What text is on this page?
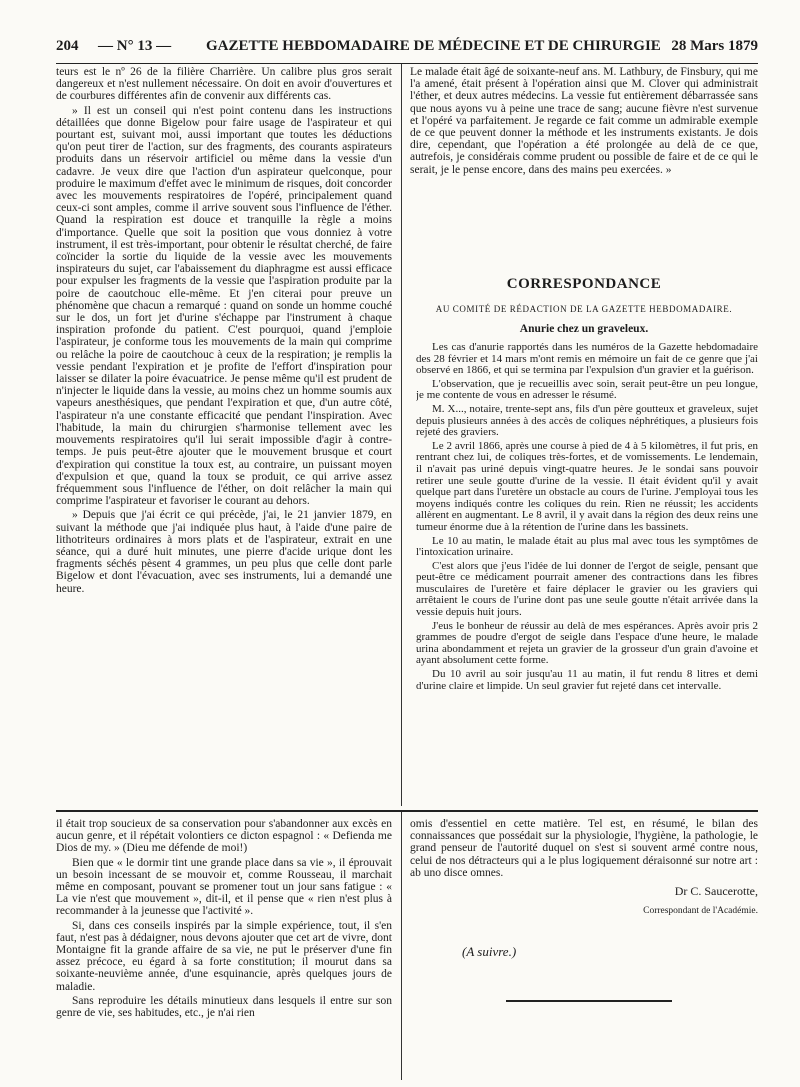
204 — N° 13 — GAZETTE HEBDOMADAIRE DE MÉDECINE ET DE CHIRURGIE 28 Mars 1879

teurs est le nº 26 de la filière Charrière. Un calibre plus gros serait dangereux et n'est nullement nécessaire. On doit en avoir d'ouvertures et de courbures différentes afin de convenir aux différents cas.

» Il est un conseil qui n'est point contenu dans les instructions détaillées que donne Bigelow pour faire usage de l'aspirateur et qui pourtant est, suivant moi, aussi important que toutes les déductions qu'on peut tirer de l'action, sur des fragments, des courants aspirateurs produits dans un réservoir artificiel ou même dans la vessie d'un cadavre. Je veux dire que l'action d'un aspirateur quelconque, pour produire le maximum d'effet avec le minimum de risques, doit concorder avec les mouvements respiratoires de l'opéré, principalement quand ceux-ci sont amples, comme il arrive souvent sous l'influence de l'éther. Quand la respiration est douce et tranquille la règle a moins d'importance. Quelle que soit la position que vous donniez à votre instrument, il est très-important, pour obtenir le résultat cherché, de faire coïncider la sortie du liquide de la vessie avec les mouvements inspirateurs du sujet, car l'abaissement du diaphragme est aussi efficace pour expulser les fragments de la vessie que l'aspiration produite par la poire de caoutchouc elle-même. Et j'en citerai pour preuve un phénomène que chacun a remarqué : quand on sonde un homme couché sur le dos, un fort jet d'urine s'échappe par l'instrument à chaque inspiration profonde du patient. C'est pourquoi, quand j'emploie l'aspirateur, je conforme tous les mouvements de la main qui comprime ou relâche la poire de caoutchouc à ceux de la respiration; je remplis la vessie pendant l'expiration et je profite de l'effort d'inspiration pour laisser se dilater la poire évacuatrice. Je pense même qu'il est prudent de n'injecter le liquide dans la vessie, au moins chez un homme soumis aux vapeurs anesthésiques, que pendant l'expiration et que, d'un autre côté, l'aspirateur n'a une constante efficacité que pendant l'inspiration. Avec l'habitude, la main du chirurgien s'harmonise tellement avec les mouvements respiratoires qu'il lui serait impossible d'agir à contre-temps. Je puis peut-être ajouter que le mouvement brusque et court d'expiration qui constitue la toux est, au contraire, un puissant moyen d'expulsion et que, quand la toux se produit, ce qui arrive assez fréquemment sous l'influence de l'éther, on doit relâcher la main qui comprime l'aspirateur et favoriser le courant au dehors.

» Depuis que j'ai écrit ce qui précède, j'ai, le 21 janvier 1879, en suivant la méthode que j'ai indiquée plus haut, à l'aide d'une paire de lithotriteurs ordinaires à mors plats et de l'aspirateur, extrait en une séance, qui a duré huit minutes, une pierre d'acide urique dont les fragments séchés pèsent 4 grammes, un peu plus que celle dont parle Bigelow et dont l'évacuation, avec ses instruments, lui a demandé une heure.

Le malade était âgé de soixante-neuf ans. M. Lathbury, de Finsbury, qui me l'a amené, était présent à l'opération ainsi que M. Clover qui administrait l'éther, et deux autres médecins. La vessie fut entièrement débarrassée sans que nous ayons vu à peine une trace de sang; aucune fièvre n'est survenue et l'opéré va parfaitement. Je regarde ce fait comme un admirable exemple de ce que peuvent donner la méthode et les instruments existants. Je dois dire, cependant, que l'opération a été prolongée au delà de ce que, autrefois, je considérais comme prudent ou possible de faire et de ce qui le serait, je le pense encore, dans des mains peu exercées. »

CORRESPONDANCE
AU COMITÉ DE RÉDACTION DE LA GAZETTE HEBDOMADAIRE.
Anurie chez un graveleux.

Les cas d'anurie rapportés dans les numéros de la Gazette hebdomadaire des 28 février et 14 mars m'ont remis en mémoire un fait de ce genre que j'ai observé en 1866, et qui se termina par l'expulsion d'un gravier et la guérison.

L'observation, que je recueillis avec soin, serait peut-être un peu longue, je me contente de vous en adresser le résumé.

M. X..., notaire, trente-sept ans, fils d'un père goutteux et graveleux, sujet depuis plusieurs années à des accès de coliques néphrétiques, a plusieurs fois rejeté des graviers.

Le 2 avril 1866, après une course à pied de 4 à 5 kilomètres, il fut pris, en rentrant chez lui, de coliques très-fortes, et de vomissements. Le lendemain, il n'avait pas uriné depuis vingt-quatre heures. Je le sondai sans pouvoir retirer une seule goutte d'urine de la vessie. Il était évident qu'il y avait quelque part dans l'uretère un obstacle au cours de l'urine. J'employai tous les moyens indiqués contre les coliques du rein. Rien ne réussit; les accidents allèrent en augmentant. Le 8 avril, il y avait dans la région des deux reins une tumeur énorme due à la rétention de l'urine dans les bassinets.

Le 10 au matin, le malade était au plus mal avec tous les symptômes de l'intoxication urinaire.

C'est alors que j'eus l'idée de lui donner de l'ergot de seigle, pensant que peut-être ce médicament pourrait amener des contractions dans les fibres musculaires de l'uretère et faire déplacer le gravier ou les graviers qui arrêtaient le cours de l'urine dont pas une seule goutte n'était arrivée dans la vessie depuis huit jours.

J'eus le bonheur de réussir au delà de mes espérances. Après avoir pris 2 grammes de poudre d'ergot de seigle dans l'espace d'une heure, le malade urina abondamment et rejeta un gravier de la grosseur d'un grain d'avoine et ayant absolument cette forme.

Du 10 avril au soir jusqu'au 11 au matin, il fut rendu 8 litres et demi d'urine claire et limpide. Un seul gravier fut rejeté dans cet intervalle.

il était trop soucieux de sa conservation pour s'abandonner aux excès en aucun genre, et il répétait volontiers ce dicton espagnol : « Defienda me Dios de my. » (Dieu me défende de moi!)

Bien que « le dormir tint une grande place dans sa vie », il éprouvait un besoin incessant de se mouvoir et, comme Rousseau, il marchait même en composant, pouvant se promener tout un jour sans fatigue : « La vie n'est que mouvement », dit-il, et il pense que « rien n'est plus à recommander à la jeunesse que l'activité ».

Si, dans ces conseils inspirés par la simple expérience, tout, il s'en faut, n'est pas à dédaigner, nous devons ajouter que cet art de vivre, dont Montaigne fit la grande affaire de sa vie, ne put le préserver d'une fin assez précoce, eu égard à sa forte constitution; il mourut dans sa soixante-neuvième année, d'une esquinancie, après quelques jours de maladie.

Sans reproduire les détails minutieux dans lesquels il entre sur son genre de vie, ses habitudes, etc., je n'ai rien

omis d'essentiel en cette matière. Tel est, en résumé, le bilan des connaissances que possédait sur la physiologie, l'hygiène, la pathologie, le grand penseur de l'autorité duquel on s'est si souvent armé contre nous, celui de nos détracteurs qui a le plus logiquement déraisonné sur notre art : ab uno disce omnes.

Dr C. Saucerotte,
Correspondant de l'Académie.
(A suivre.)
